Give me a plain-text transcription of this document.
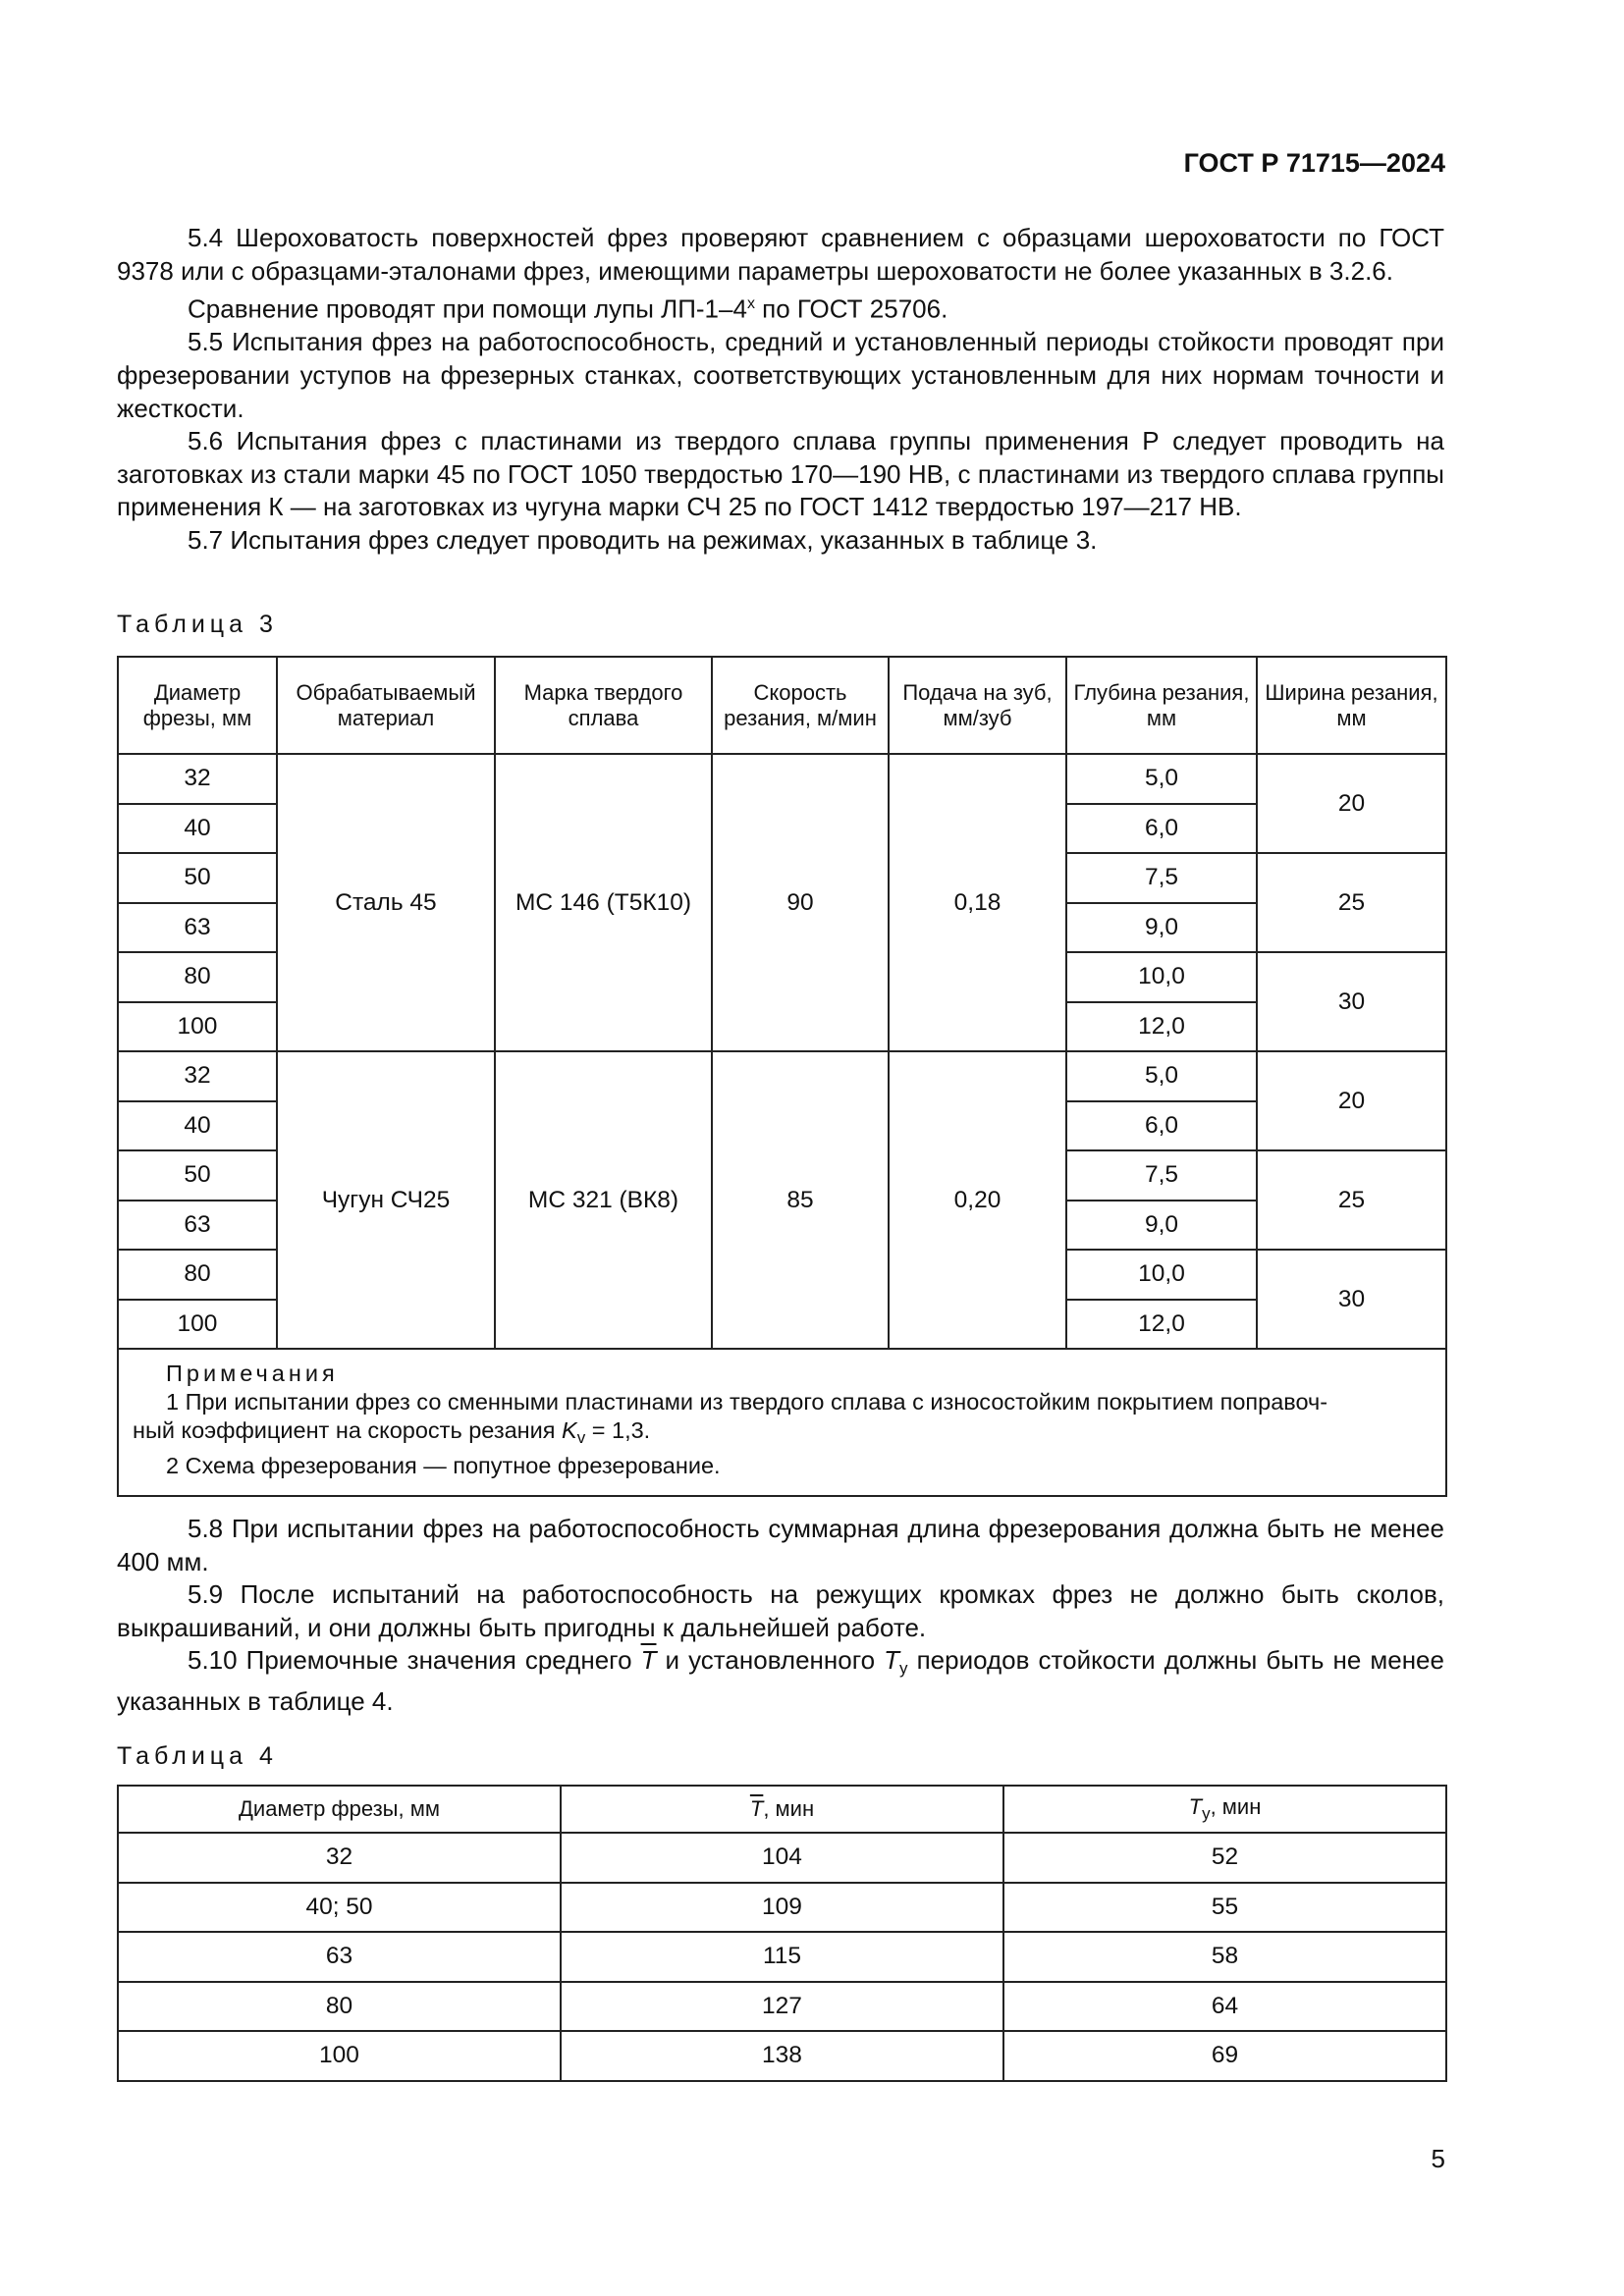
ГОСТ Р 71715—2024

5.4 Шероховатость поверхностей фрез проверяют сравнением с образцами шероховатости по ГОСТ 9378 или с образцами-эталонами фрез, имеющими параметры шероховатости не более указанных в 3.2.6.

Сравнение проводят при помощи лупы $ЛП-1-4^х$ по ГОСТ 25706.

5.5 Испытания фрез на работоспособность, средний и установленный периоды стойкости проводят при фрезеровании уступов на фрезерных станках, соответствующих установленным для них нормам точности и жесткости.

5.6 Испытания фрез с пластинами из твердого сплава группы применения Р следует проводить на заготовках из стали марки 45 по ГОСТ 1050 твердостью 170—190 НВ, с пластинами из твердого сплава группы применения К — на заготовках из чугуна марки СЧ 25 по ГОСТ 1412 твердостью 197—217 НВ.

5.7 Испытания фрез следует проводить на режимах, указанных в таблице 3.

Таблица 3
Диаметр фрезы, мм	Обрабатываемый материал	Марка твердого сплава	Скорость резания, м/мин	Подача на зуб, мм/зуб	Глубина резания, мм	Ширина резания, мм
32	Сталь 45	МС 146 (Т5К10)	90	0,18	5,0	20
40					6,0	
50					7,5	25
63					9,0	
80					10,0	30
100					12,0	
32	Чугун СЧ25	МС 321 (ВК8)	85	0,20	5,0	20
40					6,0	
50					7,5	25
63					9,0	
80					10,0	30
100					12,0	

Примечания
1 При испытании фрез со сменными пластинами из твердого сплава с износостойким покрытием поправоч-
ный коэффициент на скорость резания $K_v = 1,3$.
2 Схема фрезерования — попутное фрезерование.						

5.8 При испытании фрез на работоспособность суммарная длина фрезерования должна быть не менее 400 мм.

5.9 После испытаний на работоспособность на режущих кромках фрез не должно быть сколов, выкрашиваний, и они должны быть пригодны к дальнейшей работе.

5.10 Приемочные значения среднего $\overline{T}$ и установленного $T_у$ периодов стойкости должны быть не менее указанных в таблице 4.

Таблица 4
Диаметр фрезы, мм	$\overline{T}$, мин	$T_у$, мин
32	104	52
40; 50	109	55
63	115	58
80	127	64
100	138	69
5
